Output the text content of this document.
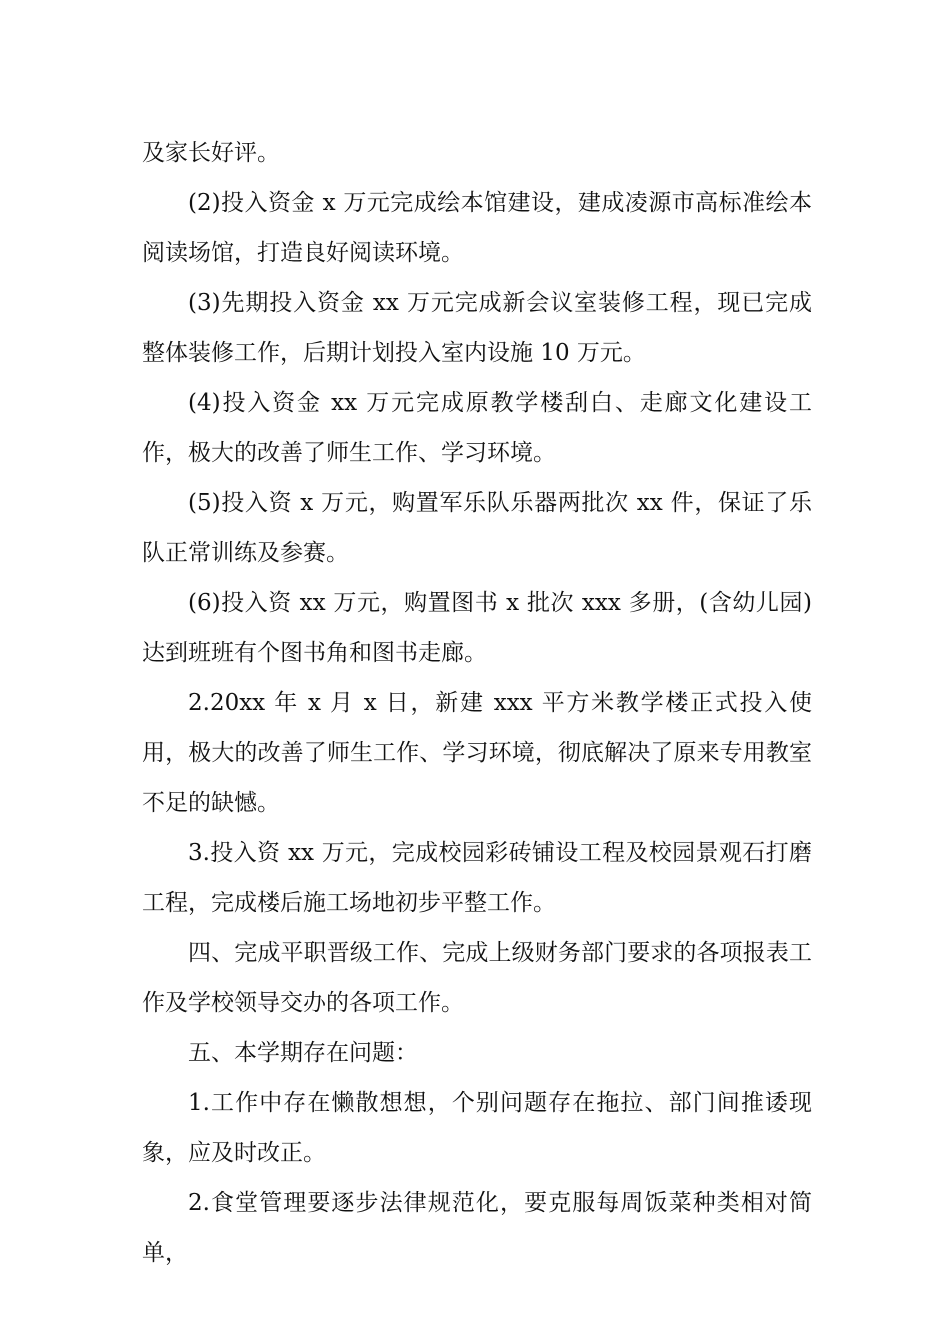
及家长好评。

(2)投入资金 x 万元完成绘本馆建设，建成凌源市高标准绘本阅读场馆，打造良好阅读环境。

(3)先期投入资金 xx 万元完成新会议室装修工程，现已完成整体装修工作，后期计划投入室内设施 10 万元。

(4)投入资金 xx 万元完成原教学楼刮白、走廊文化建设工作，极大的改善了师生工作、学习环境。

(5)投入资 x 万元，购置军乐队乐器两批次 xx 件，保证了乐队正常训练及参赛。

(6)投入资 xx 万元，购置图书 x 批次 xxx 多册，(含幼儿园)达到班班有个图书角和图书走廊。

2.20xx 年 x 月 x 日，新建 xxx 平方米教学楼正式投入使用，极大的改善了师生工作、学习环境，彻底解决了原来专用教室不足的缺憾。

3.投入资 xx 万元，完成校园彩砖铺设工程及校园景观石打磨工程，完成楼后施工场地初步平整工作。

四、完成平职晋级工作、完成上级财务部门要求的各项报表工作及学校领导交办的各项工作。

五、本学期存在问题：

1.工作中存在懒散想想，个别问题存在拖拉、部门间推诿现象，应及时改正。

2.食堂管理要逐步法律规范化，要克服每周饭菜种类相对简单，
